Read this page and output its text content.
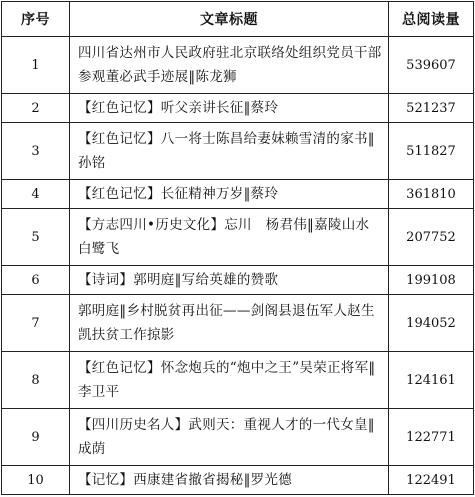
序号	文章标题	总阅读量
1	四川省达州市人民政府驻北京联络处组织党员干部参观董必武手迹展‖陈龙狮	539607
2	【红色记忆】听父亲讲长征‖蔡玲	521237
3	【红色记忆】八一将士陈昌给妻妹赖雪清的家书‖孙铭	511827
4	【红色记忆】长征精神万岁‖蔡玲	361810
5	【方志四川•历史文化】忘川　杨君伟‖嘉陵山水白鹭飞	207752
6	【诗词】郭明庭‖写给英雄的赞歌	199108
7	郭明庭‖乡村脱贫再出征——剑阁县退伍军人赵生凯扶贫工作掠影	194052
8	【红色记忆】怀念炮兵的“炮中之王”吴荣正将军‖李卫平	124161
9	【四川历史名人】武则天：重视人才的一代女皇‖成荫	122771
10	【记忆】西康建省撤省揭秘‖罗光德	122491
